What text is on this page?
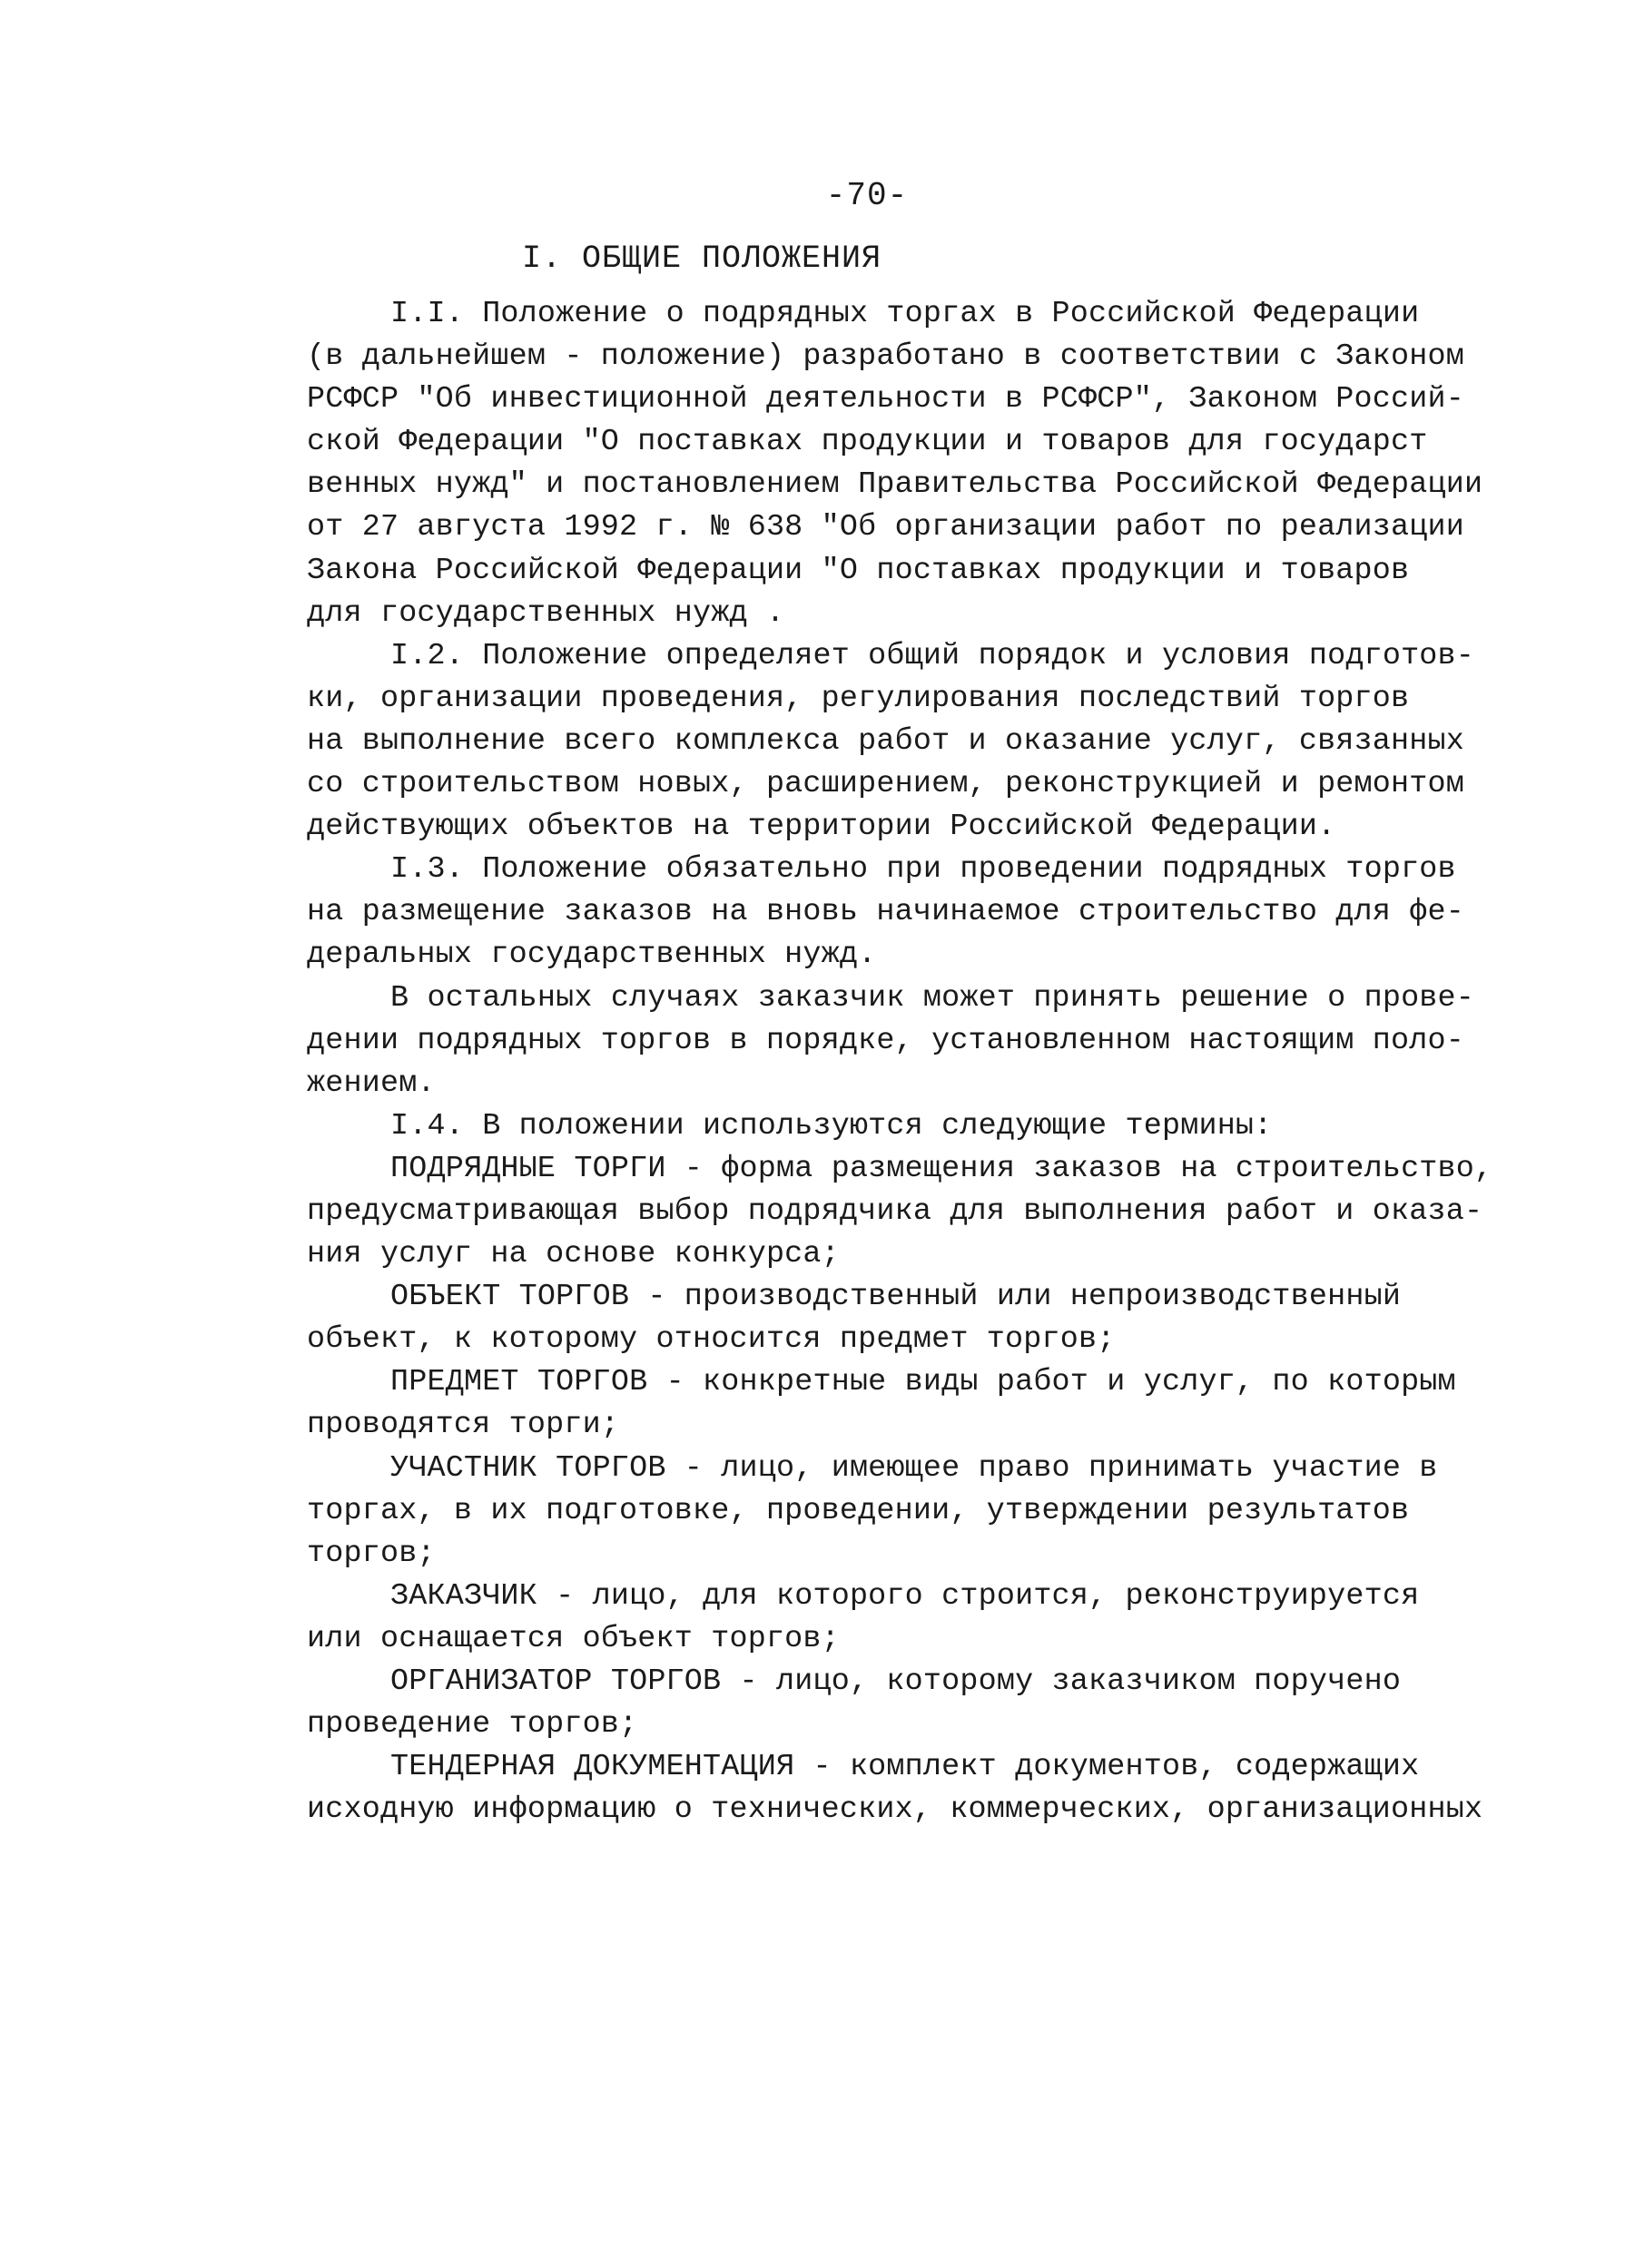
-70-
I. ОБЩИЕ ПОЛОЖЕНИЯ
I.I. Положение о подрядных торгах в Российской Федерации
(в дальнейшем - положение) разработано в соответствии с Законом
РСФСР "Об инвестиционной деятельности в РСФСР", Законом Россий-
ской Федерации "О поставках продукции и товаров для государст
венных нужд" и постановлением Правительства Российской Федерации
от 27 августа 1992 г. № 638 "Об организации работ по реализации
Закона Российской Федерации "О поставках продукции и товаров
для государственных нужд .
I.2. Положение определяет общий порядок и условия подготов-
ки, организации проведения, регулирования последствий торгов
на выполнение всего комплекса работ и оказание услуг, связанных
со строительством новых, расширением, реконструкцией и ремонтом
действующих объектов на территории Российской Федерации.
I.3. Положение обязательно при проведении подрядных торгов
на размещение заказов на вновь начинаемое строительство для фе-
деральных государственных нужд.
В остальных случаях заказчик может принять решение о прове-
дении подрядных торгов в порядке, установленном настоящим поло-
жением.
I.4. В положении используются следующие термины:
ПОДРЯДНЫЕ ТОРГИ - форма размещения заказов на строительство,
предусматривающая выбор подрядчика для выполнения работ и оказа-
ния услуг на основе конкурса;
ОБЪЕКТ ТОРГОВ - производственный или непроизводственный
объект, к которому относится предмет торгов;
ПРЕДМЕТ ТОРГОВ - конкретные виды работ и услуг, по которым
проводятся торги;
УЧАСТНИК ТОРГОВ - лицо, имеющее право принимать участие в
торгах, в их подготовке, проведении, утверждении результатов
торгов;
ЗАКАЗЧИК - лицо, для которого строится, реконструируется
или оснащается объект торгов;
ОРГАНИЗАТОР ТОРГОВ - лицо, которому заказчиком поручено
проведение торгов;
ТЕНДЕРНАЯ ДОКУМЕНТАЦИЯ - комплект документов, содержащих
исходную информацию о технических, коммерческих, организационных
